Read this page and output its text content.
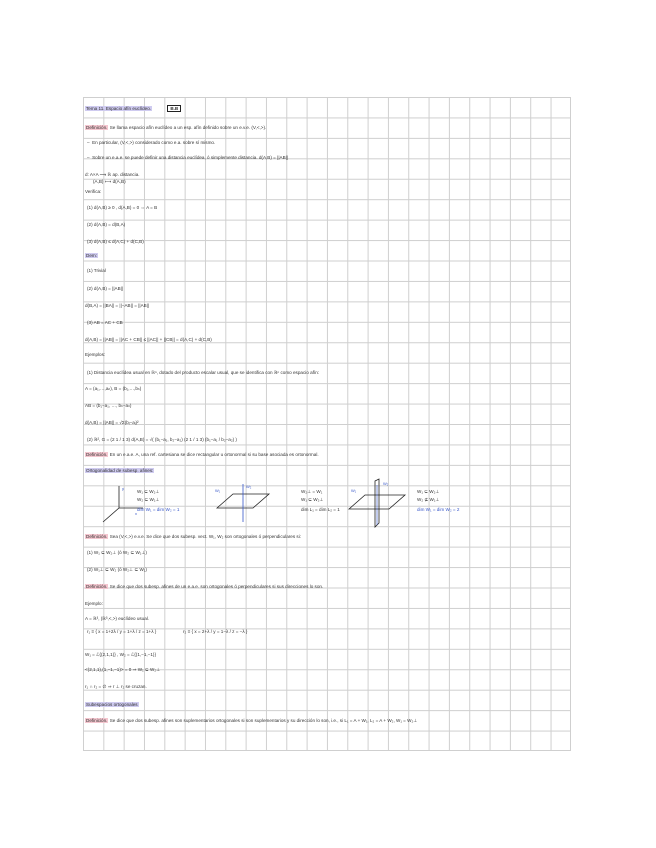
Tema 11. Espacio afín euclídeo.	B.B
Definición. Se llama espacio afín euclídeo a un esp. afín definido sobre un e.v.e. (V,<,>).
–  En particular, (V,<,>) considerado como e.a. sobre sí mismo.
–  Sobre un e.a.e. se puede definir una distancia euclídea, ó simplemente distancia. d(A,B) = ||AB||
d: A×A ⟶ ℝ ap. distancia.
(A,B) ⟼ d(A,B)
Verifica:
(1) d(A,B) ≥ 0 , d(A,B) = 0 ⇔ A = B
(2) d(A,B) = d(B,A)
(3) d(A,B) ≤ d(A,C) + d(C,B)
Dem:
(1) Trivial
(2) d(A,B) = ||AB||
d(B,A) = ||BA|| = ||−AB|| = ||AB||
(3) AB = AC + CB
d(A,B) = ||AB|| = ||AC + CB|| ≤ ||AC|| + ||CB|| = d(A,C) + d(C,B)
Ejemplos:
(1) Distancia euclídea usual en ℝⁿ, dotado del producto escalar usual, que se identifica con ℝⁿ como espacio afín:
A = (a₁,…,aₙ), B = (b₁,…,bₙ)
AB = (b₁−a₁, …, bₙ−aₙ)
d(A,B) = ||AB|| = √Σ(bᵢ−aᵢ)²
(2) ℝ², G = (2 1 / 1 3) d(A,B) = √( (b₁−a₁, b₂−a₂) (2 1 / 1 3) (b₁−a₁ / b₂−a₂) )
Definición. En un e.a.e. A, una ref. cartesiana se dice rectangular u ortonormal si su base asociada es ortonormal.
Ortogonalidad de subesp. afines:
y
x
W₁ ⊆ W₂⊥
W₂ ⊆ W₁⊥
dim W₁ = dim W₂ = 1
W₁
W₂
W₂⊥ = W₁
W₁ ⊆ W₂⊥
dim L₁ = dim L₂ = 1
W₁
W₂
W₁ ⊆ W₂⊥
W₂ ⊈ W₁⊥
dim W₁ = dim W₂ = 2
Definición. Sea (V,<,>) e.v.e. Se dice que dos subesp. vect. W₁, W₂ son ortogonales ó perpendiculares si:
(1) W₁ ⊆ W₂⊥ (ó W₂ ⊆ W₁⊥)
(2) W₁⊥ ⊆ W₂ (ó W₂⊥ ⊆ W₁)
Definición. Se dice que dos subesp. afines de un e.a.e. son ortogonales ó perpendiculares si sus direcciones lo son.
Ejemplo:
A = ℝ³, (ℝ³,<,>) euclídeo usual.
r₁ ≡ { x = 1+2λ / y = 1+λ / z = 1+λ }	r₂ ≡ { x = 2+λ / y = 1−λ / z = −λ }
W₁ = ℒ{(2,1,1)} , W₂ = ℒ{(1,−1,−1)}
<(2,1,1),(1,−1,−1)> = 0 ⇒ W₁ ⊆ W₂⊥
r₁ ∩ r₂ = ∅ ⇒ r ⊥ r₂ se cruzan.
Subespacios ortogonales
Definición. Se dice que dos subesp. afines son suplementarios ortogonales si son suplementarios y su dirección lo son, i.e., si L₁ = A + W₁, L₂ = A + W₂, W₁ = W₂⊥
